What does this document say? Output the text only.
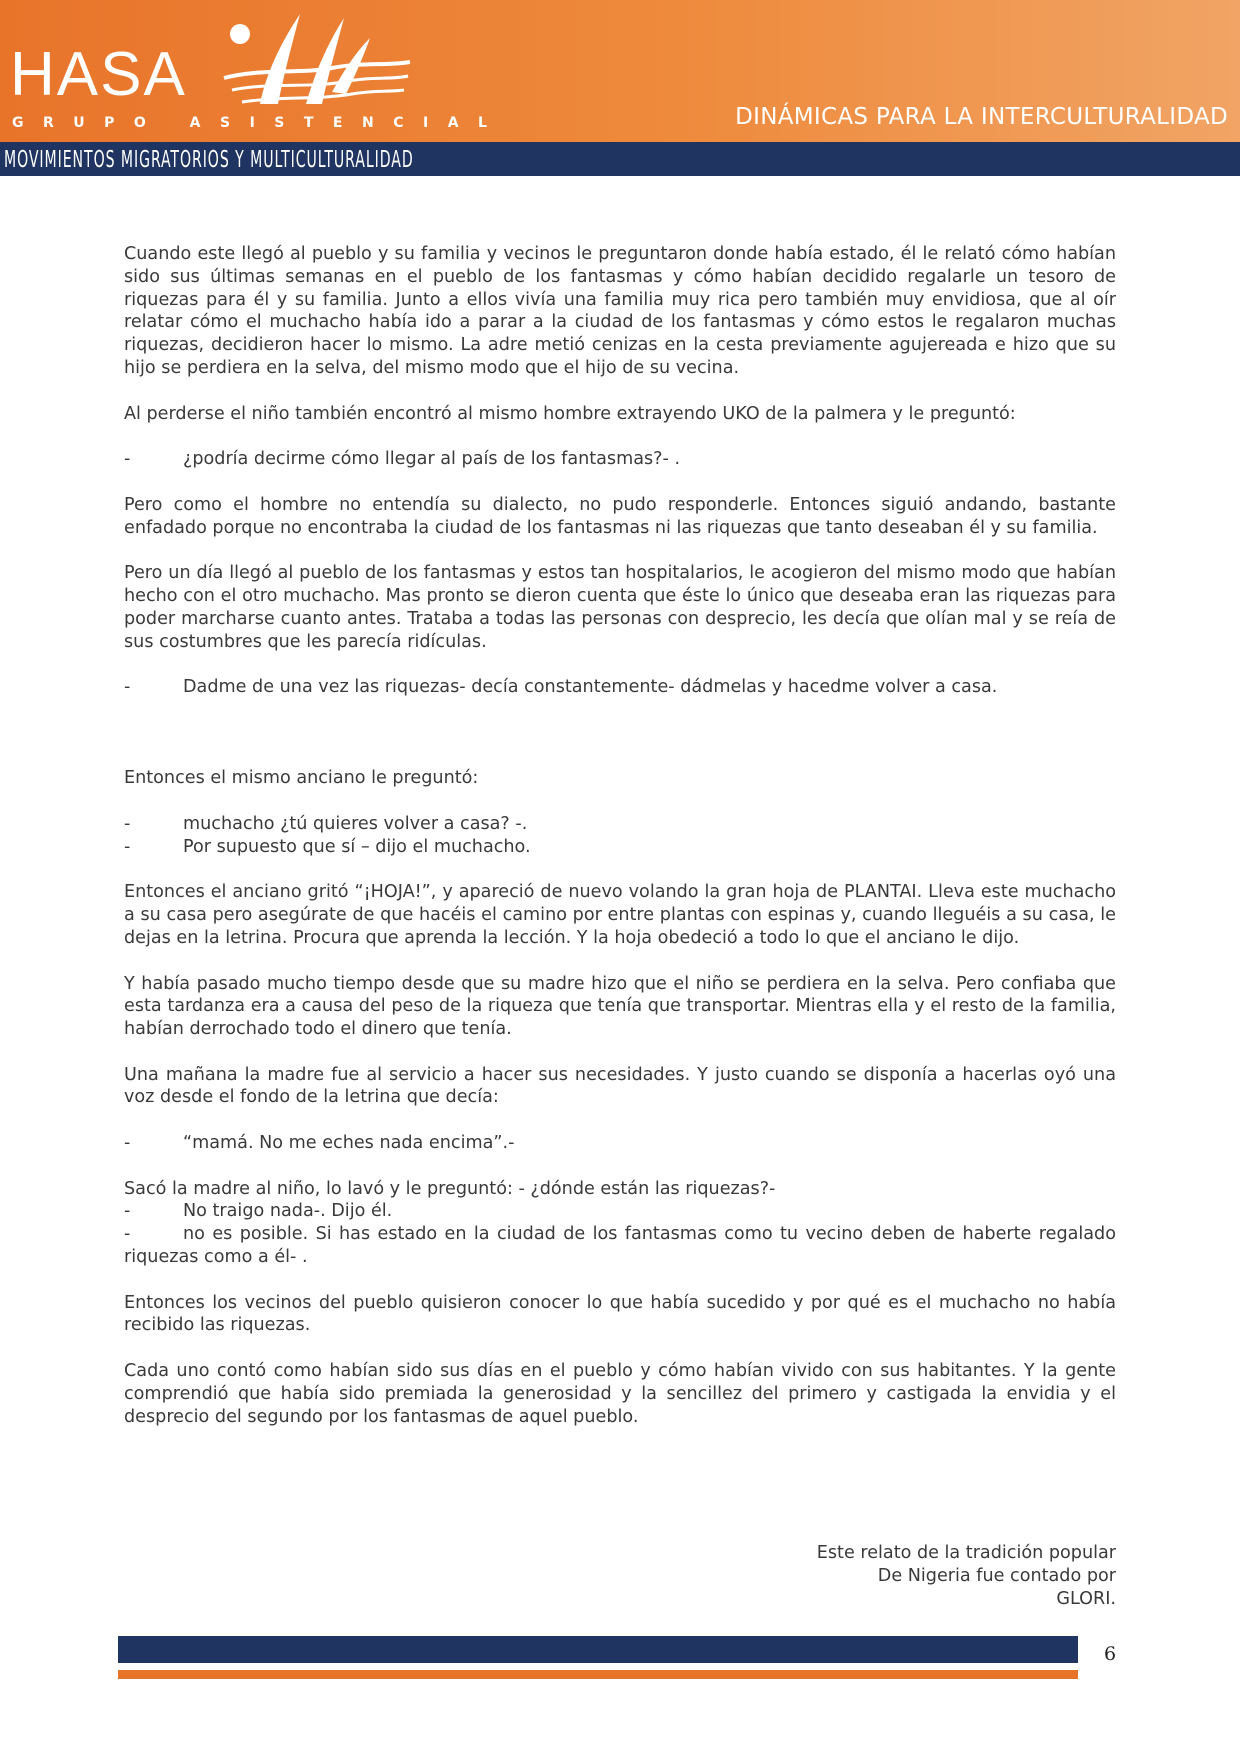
HASA
GRUPO ASISTENCIAL	DINÁMICAS PARA LA INTERCULTURALIDAD
MOVIMIENTOS MIGRATORIOS Y MULTICULTURALIDAD

Cuando este llegó al pueblo y su familia y vecinos le preguntaron donde había estado, él le relató cómo habían sido sus últimas semanas en el pueblo de los fantasmas y cómo habían decidido regalarle un tesoro de riquezas para él y su familia. Junto a ellos vivía una familia muy rica pero también muy envidiosa, que al oír relatar cómo el muchacho había ido a parar a la ciudad de los fantasmas y cómo estos le regalaron muchas riquezas, decidieron hacer lo mismo. La adre metió cenizas en la cesta previamente agujereada e hizo que su hijo se perdiera en la selva, del mismo modo que el hijo de su vecina.

Al perderse el niño también encontró al mismo hombre extrayendo UKO de la palmera y le preguntó:

-	¿podría decirme cómo llegar al país de los fantasmas?- .

Pero como el hombre no entendía su dialecto, no pudo responderle. Entonces siguió andando, bastante enfadado porque no encontraba la ciudad de los fantasmas ni las riquezas que tanto deseaban él y su familia.

Pero un día llegó al pueblo de los fantasmas y estos tan hospitalarios, le acogieron del mismo modo que habían hecho con el otro muchacho. Mas pronto se dieron cuenta que éste lo único que deseaba eran las riquezas para poder marcharse cuanto antes. Trataba a todas las personas con desprecio, les decía que olían mal y se reía de sus costumbres que les parecía ridículas.

-	Dadme de una vez las riquezas- decía constantemente- dádmelas y hacedme volver a casa.

Entonces el mismo anciano le preguntó:

-	muchacho ¿tú quieres volver a casa? -.

-	Por supuesto que sí – dijo el muchacho.

Entonces el anciano gritó “¡HOJA!”, y apareció de nuevo volando la gran hoja de PLANTAI. Lleva este muchacho a su casa pero asegúrate de que hacéis el camino por entre plantas con espinas y, cuando lleguéis a su casa, le dejas en la letrina. Procura que aprenda la lección. Y la hoja obedeció a todo lo que el anciano le dijo.

Y había pasado mucho tiempo desde que su madre hizo que el niño se perdiera en la selva. Pero confiaba que esta tardanza era a causa del peso de la riqueza que tenía que transportar. Mientras ella y el resto de la familia, habían derrochado todo el dinero que tenía.

Una mañana la madre fue al servicio a hacer sus necesidades. Y justo cuando se disponía a hacerlas oyó una voz desde el fondo de la letrina que decía:

-	“mamá. No me eches nada encima”.-

Sacó la madre al niño, lo lavó y le preguntó: - ¿dónde están las riquezas?-

-	No traigo nada-. Dijo él.

-	no es posible. Si has estado en la ciudad de los fantasmas como tu vecino deben de haberte regalado riquezas como a él- .

Entonces los vecinos del pueblo quisieron conocer lo que había sucedido y por qué es el muchacho no había recibido las riquezas.

Cada uno contó como habían sido sus días en el pueblo y cómo habían vivido con sus habitantes. Y la gente comprendió que había sido premiada la generosidad y la sencillez del primero y castigada la envidia y el desprecio del segundo por los fantasmas de aquel pueblo.

Este relato de la tradición popular
De Nigeria fue contado por
GLORI.
6
